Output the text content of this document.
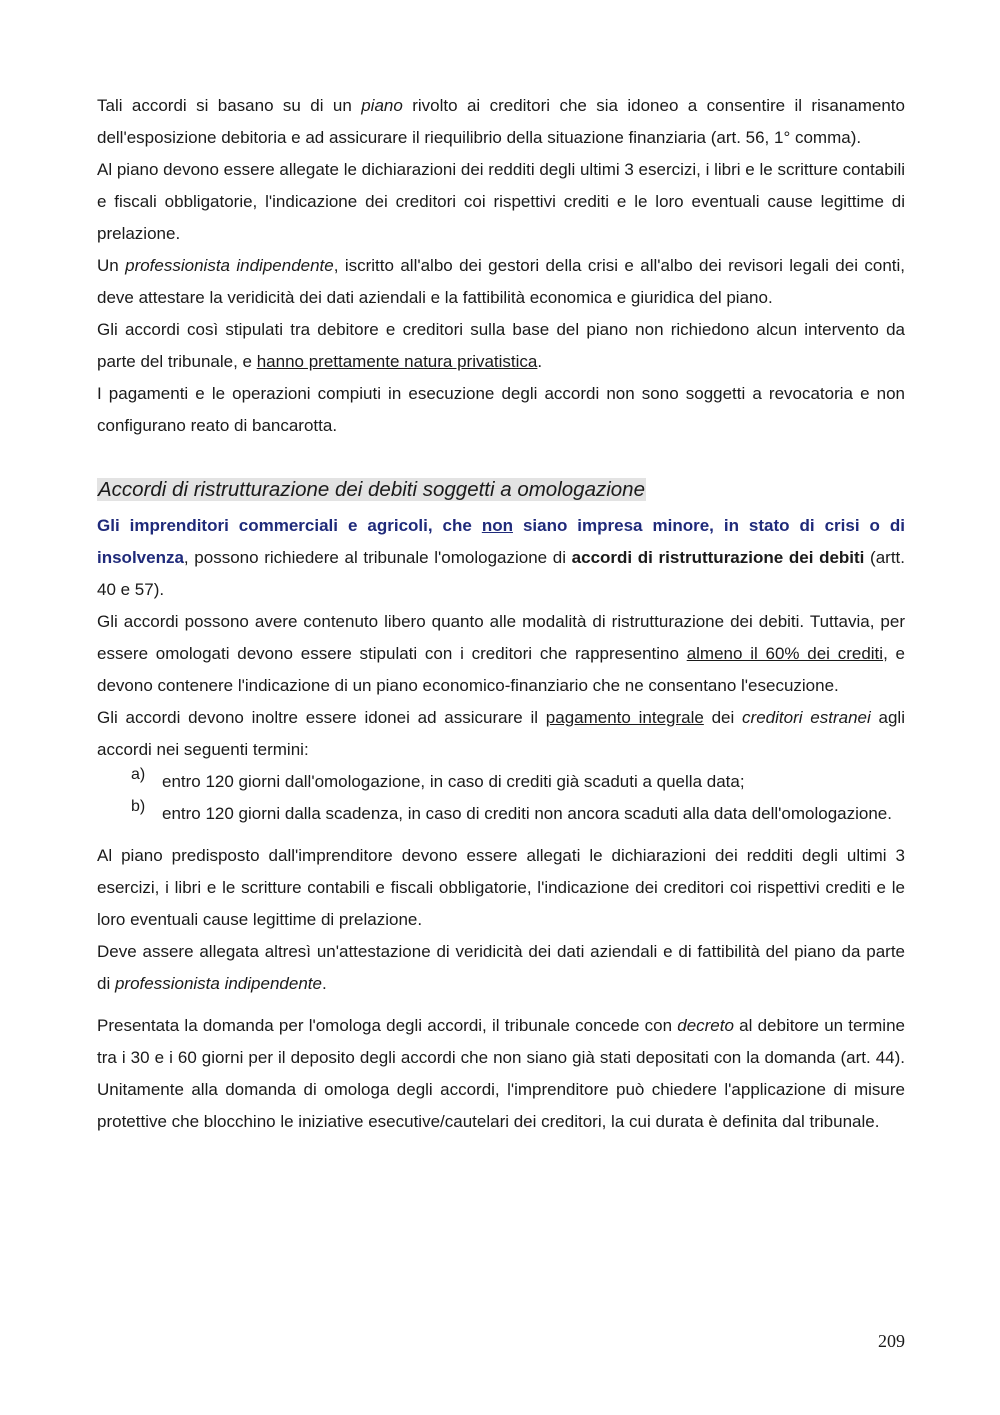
Tali accordi si basano su di un piano rivolto ai creditori che sia idoneo a consentire il risanamento dell'esposizione debitoria e ad assicurare il riequilibrio della situazione finanziaria (art. 56, 1° comma).

Al piano devono essere allegate le dichiarazioni dei redditi degli ultimi 3 esercizi, i libri e le scritture contabili e fiscali obbligatorie, l'indicazione dei creditori coi rispettivi crediti e le loro eventuali cause legittime di prelazione.

Un professionista indipendente, iscritto all'albo dei gestori della crisi e all'albo dei revisori legali dei conti, deve attestare la veridicità dei dati aziendali e la fattibilità economica e giuridica del piano.

Gli accordi così stipulati tra debitore e creditori sulla base del piano non richiedono alcun intervento da parte del tribunale, e hanno prettamente natura privatistica.

I pagamenti e le operazioni compiuti in esecuzione degli accordi non sono soggetti a revocatoria e non configurano reato di bancarotta.

Accordi di ristrutturazione dei debiti soggetti a omologazione

Gli imprenditori commerciali e agricoli, che non siano impresa minore, in stato di crisi o di insolvenza, possono richiedere al tribunale l'omologazione di accordi di ristrutturazione dei debiti (artt. 40 e 57).

Gli accordi possono avere contenuto libero quanto alle modalità di ristrutturazione dei debiti. Tuttavia, per essere omologati devono essere stipulati con i creditori che rappresentino almeno il 60% dei crediti, e devono contenere l'indicazione di un piano economico-finanziario che ne consentano l'esecuzione.

Gli accordi devono inoltre essere idonei ad assicurare il pagamento integrale dei creditori estranei agli accordi nei seguenti termini:

a) entro 120 giorni dall'omologazione, in caso di crediti già scaduti a quella data;

b) entro 120 giorni dalla scadenza, in caso di crediti non ancora scaduti alla data dell'omologazione.

Al piano predisposto dall'imprenditore devono essere allegati le dichiarazioni dei redditi degli ultimi 3 esercizi, i libri e le scritture contabili e fiscali obbligatorie, l'indicazione dei creditori coi rispettivi crediti e le loro eventuali cause legittime di prelazione.

Deve assere allegata altresì un'attestazione di veridicità dei dati aziendali e di fattibilità del piano da parte di professionista indipendente.

Presentata la domanda per l'omologa degli accordi, il tribunale concede con decreto al debitore un termine tra i 30 e i 60 giorni per il deposito degli accordi che non siano già stati depositati con la domanda (art. 44). Unitamente alla domanda di omologa degli accordi, l'imprenditore può chiedere l'applicazione di misure protettive che blocchino le iniziative esecutive/cautelari dei creditori, la cui durata è definita dal tribunale.

209
